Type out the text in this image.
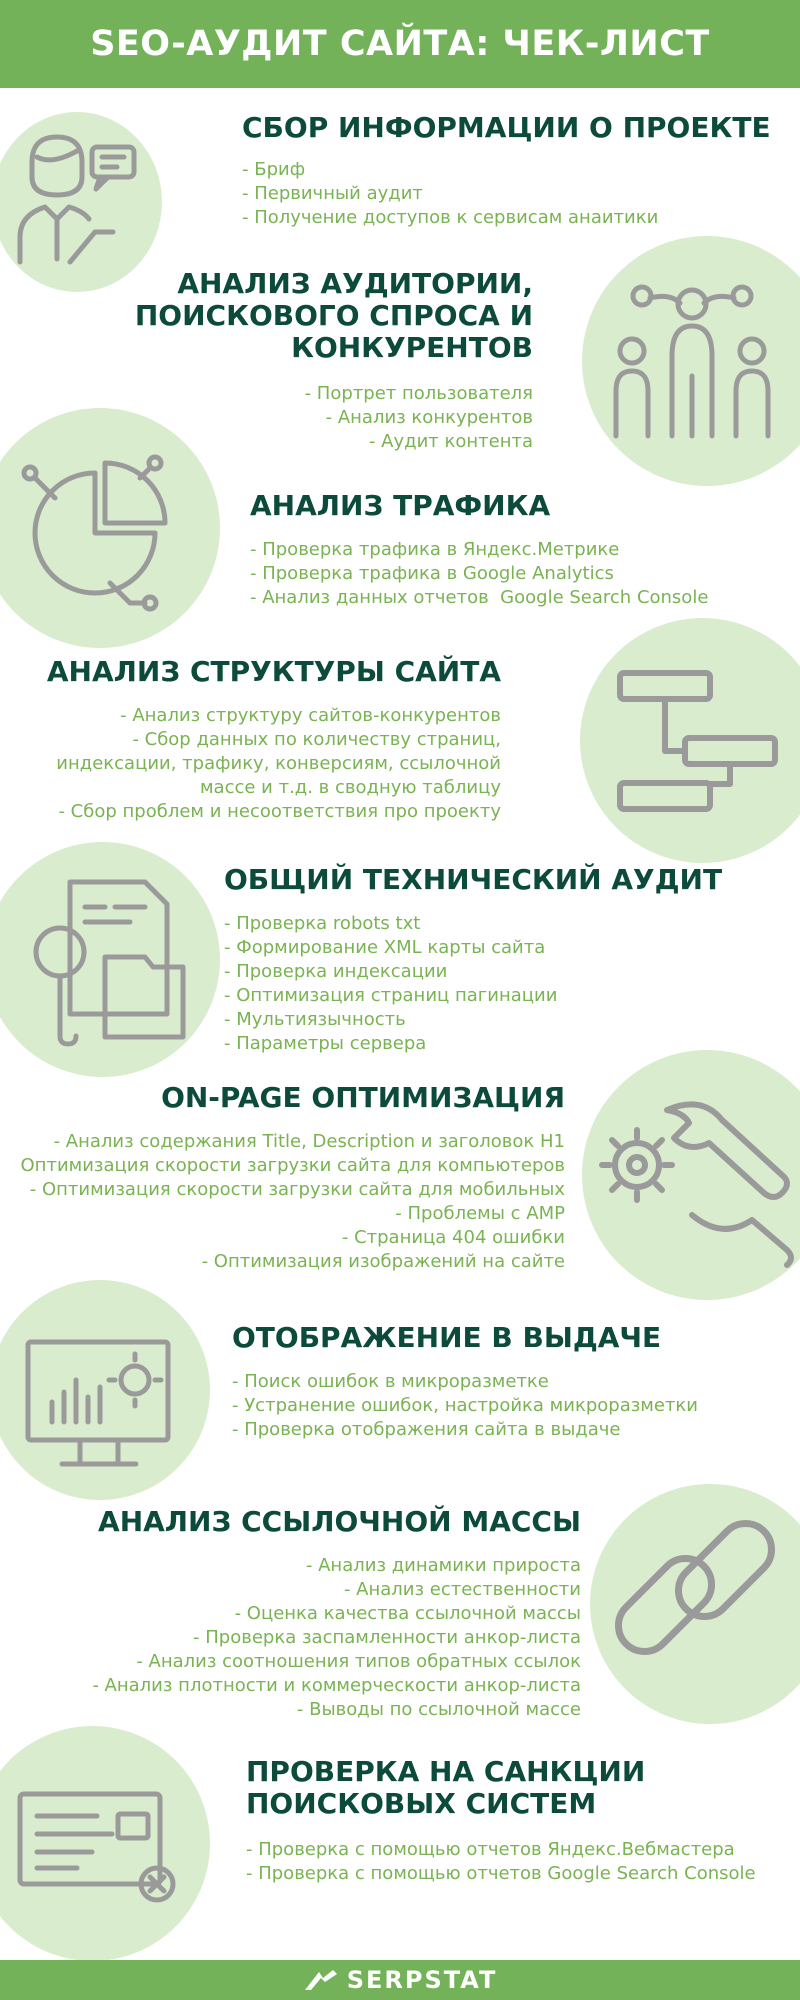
SEO-АУДИТ САЙТА: ЧЕК-ЛИСТ
СБОР ИНФОРМАЦИИ О ПРОЕКТЕ
- Бриф
- Первичный аудит
- Получение доступов к сервисам анаитики
АНАЛИЗ АУДИТОРИИ,
ПОИСКОВОГО СПРОСА И
КОНКУРЕНТОВ
- Портрет пользователя
- Анализ конкурентов
- Аудит контента
АНАЛИЗ ТРАФИКА
- Проверка трафика в Яндекс.Метрике
- Проверка трафика в Google Analytics
- Анализ данных отчетов  Google Search Console
АНАЛИЗ СТРУКТУРЫ САЙТА
- Анализ структуру сайтов-конкурентов
- Сбор данных по количеству страниц,
индексации, трафику, конверсиям, ссылочной
массе и т.д. в сводную таблицу
- Сбор проблем и несоответствия про проекту
ОБЩИЙ ТЕХНИЧЕСКИЙ АУДИТ
- Проверка robots txt
- Формирование XML карты сайта
- Проверка индексации
- Оптимизация страниц пагинации
- Мультиязычность
- Параметры сервера
ON-PAGE ОПТИМИЗАЦИЯ
- Анализ содержания Title, Description и заголовок H1
Оптимизация скорости загрузки сайта для компьютеров
- Оптимизация скорости загрузки сайта для мобильных
- Проблемы с AMP
- Страница 404 ошибки
- Оптимизация изображений на сайте
ОТОБРАЖЕНИЕ В ВЫДАЧЕ
- Поиск ошибок в микроразметке
- Устранение ошибок, настройка микроразметки
- Проверка отображения сайта в выдаче
АНАЛИЗ ССЫЛОЧНОЙ МАССЫ
- Анализ динамики прироста
- Анализ естественности
- Оценка качества ссылочной массы
- Проверка заспамленности анкор-листа
- Анализ соотношения типов обратных ссылок
- Анализ плотности и коммерческости анкор-листа
- Выводы по ссылочной массе
ПРОВЕРКА НА САНКЦИИ
ПОИСКОВЫХ СИСТЕМ
- Проверка с помощью отчетов Яндекс.Вебмастера
- Проверка с помощью отчетов Google Search Console
SERPSTAT
